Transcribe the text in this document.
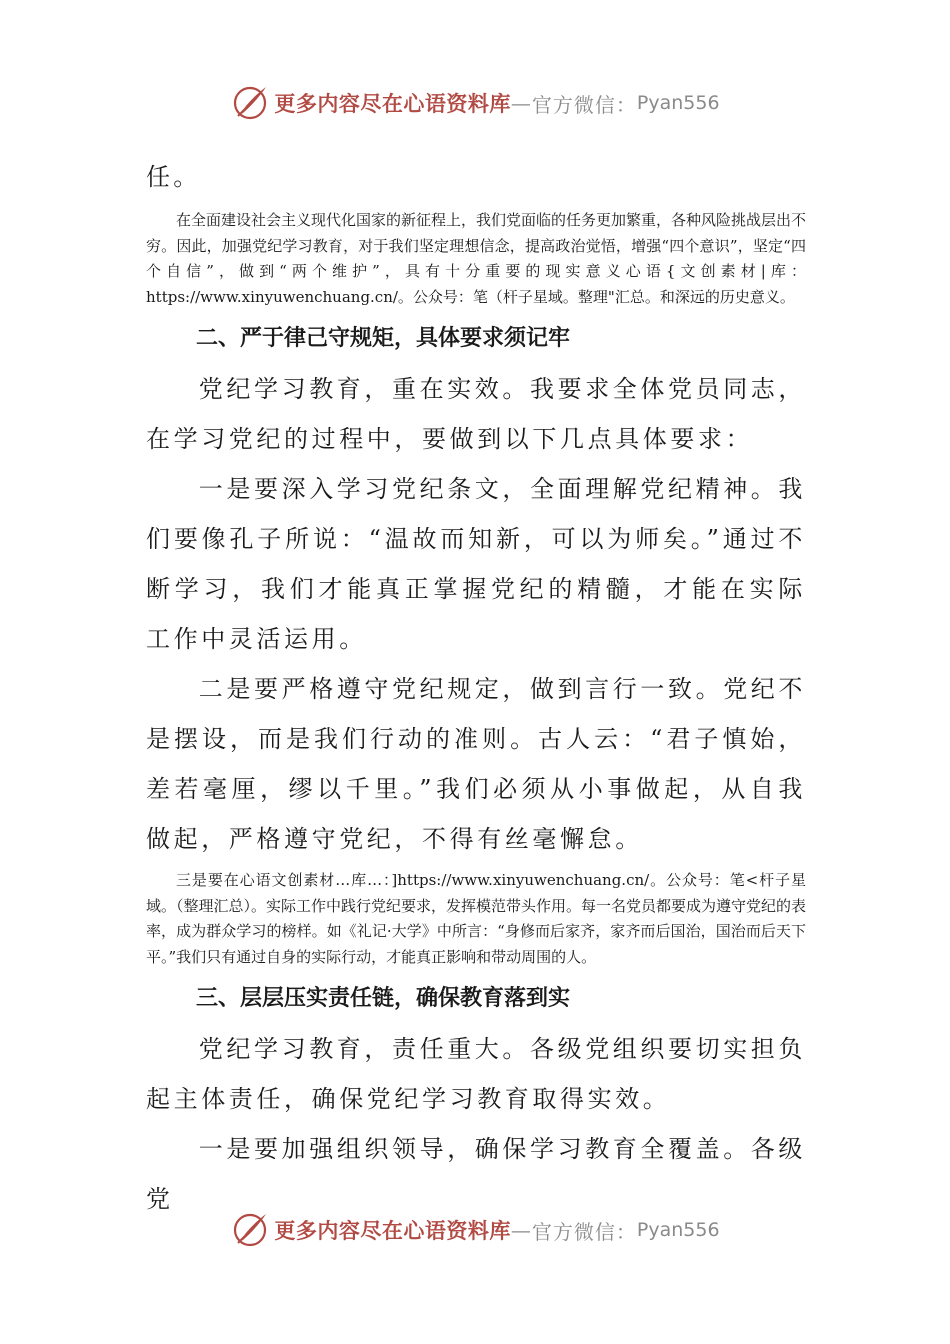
更多内容尽在心语资料库 — 官方微信： Pyan556

任。

在全面建设社会主义现代化国家的新征程上，我们党面临的任务更加繁重，各种风险挑战层出不穷。因此，加强党纪学习教育，对于我们坚定理想信念，提高政治觉悟，增强“四个意识”，坚定“四个自信”，做到“两个维护”，具有十分重要的现实意义心语{文创素材|库：https://www.xinyuwenchuang.cn/。公众号：笔（杆子星域。整理"汇总。和深远的历史意义。

二、严于律己守规矩，具体要求须记牢

党纪学习教育，重在实效。我要求全体党员同志，在学习党纪的过程中，要做到以下几点具体要求：

一是要深入学习党纪条文，全面理解党纪精神。我们要像孔子所说：“温故而知新，可以为师矣。”通过不断学习，我们才能真正掌握党纪的精髓，才能在实际工作中灵活运用。

二是要严格遵守党纪规定，做到言行一致。党纪不是摆设，而是我们行动的准则。古人云：“君子慎始，差若毫厘，缪以千里。”我们必须从小事做起，从自我做起，严格遵守党纪，不得有丝毫懈怠。

三是要在心语文创素材…库…：]https://www.xinyuwenchuang.cn/。公众号：笔<杆子星域。（整理汇总）。实际工作中践行党纪要求，发挥模范带头作用。每一名党员都要成为遵守党纪的表率，成为群众学习的榜样。如《礼记·大学》中所言：“身修而后家齐，家齐而后国治，国治而后天下平。”我们只有通过自身的实际行动，才能真正影响和带动周围的人。

三、层层压实责任链，确保教育落到实

党纪学习教育，责任重大。各级党组织要切实担负起主体责任，确保党纪学习教育取得实效。

一是要加强组织领导，确保学习教育全覆盖。各级党

更多内容尽在心语资料库 — 官方微信： Pyan556
